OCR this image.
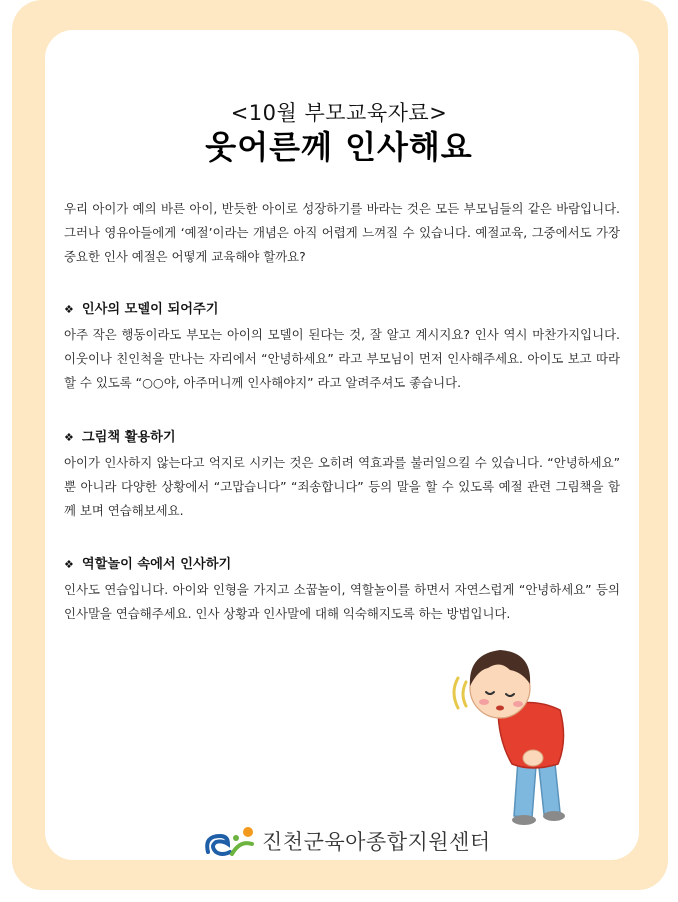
<10월 부모교육자료>
웃어른께 인사해요
우리 아이가 예의 바른 아이, 반듯한 아이로 성장하기를 바라는 것은 모든 부모님들의 같은 바람입니다. 그러나 영유아들에게 ‘예절’이라는 개념은 아직 어렵게 느껴질 수 있습니다. 예절교육, 그중에서도 가장 중요한 인사 예절은 어떻게 교육해야 할까요?
❖ 인사의 모델이 되어주기
아주 작은 행동이라도 부모는 아이의 모델이 된다는 것, 잘 알고 계시지요? 인사 역시 마찬가지입니다. 이웃이나 친인척을 만나는 자리에서 “안녕하세요” 라고 부모님이 먼저 인사해주세요. 아이도 보고 따라할 수 있도록 “○○야, 아주머니께 인사해야지” 라고 알려주셔도 좋습니다.
❖ 그림책 활용하기
아이가 인사하지 않는다고 억지로 시키는 것은 오히려 역효과를 불러일으킬 수 있습니다. “안녕하세요” 뿐 아니라 다양한 상황에서 “고맙습니다” “죄송합니다” 등의 말을 할 수 있도록 예절 관련 그림책을 함께 보며 연습해보세요.
❖ 역할놀이 속에서 인사하기
인사도 연습입니다. 아이와 인형을 가지고 소꿉놀이, 역할놀이를 하면서 자연스럽게 “안녕하세요” 등의 인사말을 연습해주세요. 인사 상황과 인사말에 대해 익숙해지도록 하는 방법입니다.
진천군육아종합지원센터
